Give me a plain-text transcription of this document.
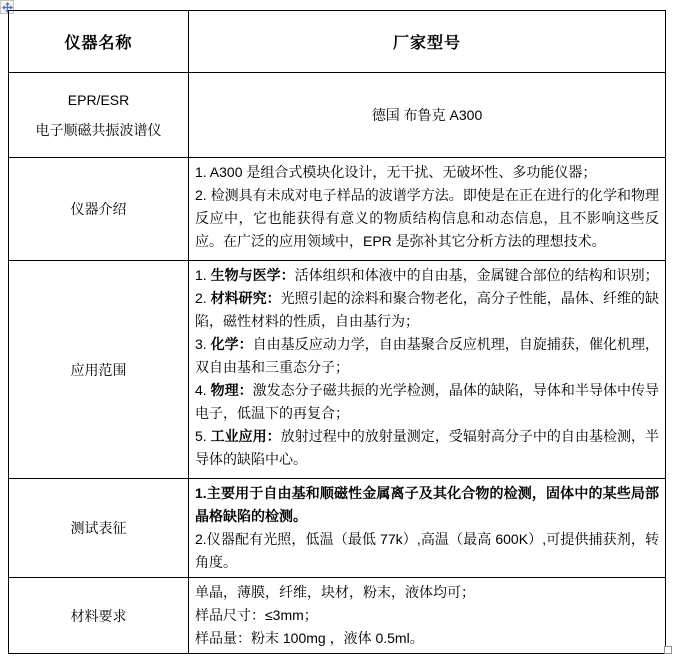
仪器名称	厂家型号

EPR/ESR
电子顺磁共振波谱仪	德国 布鲁克 A300
仪器介绍	1. A300 是组合式模块化设计，无干扰、无破坏性、多功能仪器；

2. 检测具有未成对电子样品的波谱学方法。即使是在正在进行的化学和物理反应中，它也能获得有意义的物质结构信息和动态信息，且不影响这些反应。在广泛的应用领域中，EPR 是弥补其它分析方法的理想技术。

应用范围	1. 生物与医学：活体组织和体液中的自由基，金属键合部位的结构和识别；

2. 材料研究：光照引起的涂料和聚合物老化，高分子性能，晶体、纤维的缺陷，磁性材料的性质，自由基行为；

3. 化学：自由基反应动力学，自由基聚合反应机理，自旋捕获，催化机理，双自由基和三重态分子；

4. 物理：激发态分子磁共振的光学检测，晶体的缺陷，导体和半导体中传导电子，低温下的再复合；

5. 工业应用：放射过程中的放射量测定，受辐射高分子中的自由基检测，半导体的缺陷中心。

测试表征	1.主要用于自由基和顺磁性金属离子及其化合物的检测，固体中的某些局部晶格缺陷的检测。

2.仪器配有光照，低温（最低 77k）,高温（最高 600K）,可提供捕获剂，转角度。

材料要求	单晶，薄膜，纤维，块材，粉末，液体均可；

样品尺寸：≤3mm；

样品量：粉末 100mg ，液体 0.5ml。
